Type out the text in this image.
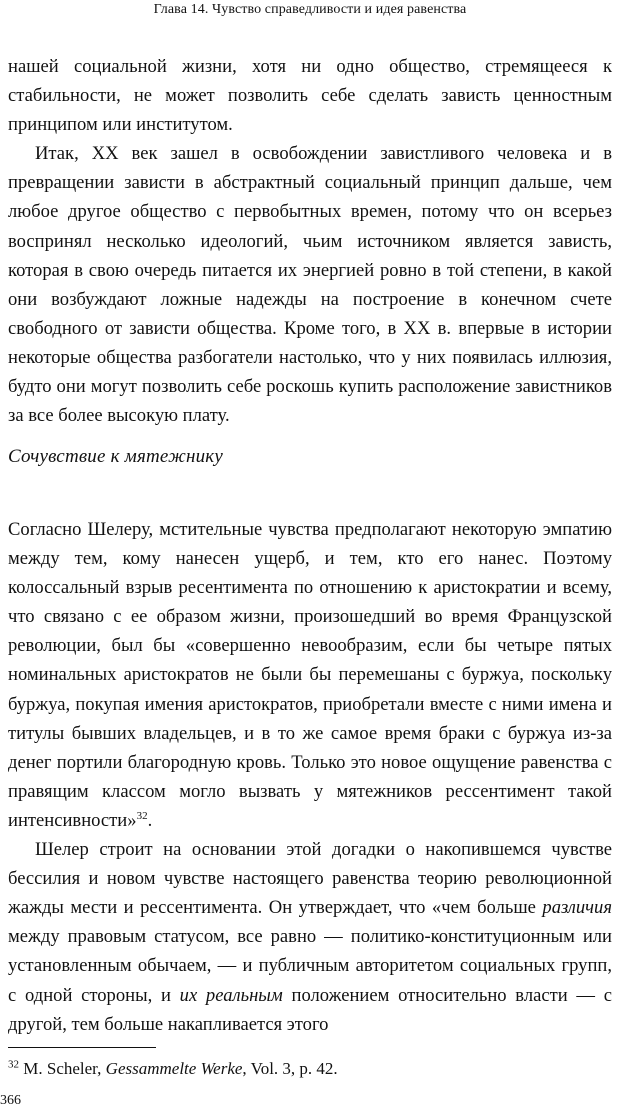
Глава 14. Чувство справедливости и идея равенства

нашей социальной жизни, хотя ни одно общество, стремящееся к стабильности, не может позволить себе сделать зависть ценностным принципом или институтом.

Итак, XX век зашел в освобождении завистливого человека и в превращении зависти в абстрактный социальный принцип дальше, чем любое другое общество с первобытных времен, потому что он всерьез воспринял несколько идеологий, чьим источником является зависть, которая в свою очередь питается их энергией ровно в той степени, в какой они возбуждают ложные надежды на построение в конечном счете свободного от зависти общества. Кроме того, в XX в. впервые в истории некоторые общества разбогатели настолько, что у них появилась иллюзия, будто они могут позволить себе роскошь купить расположение завистников за все более высокую плату.

Сочувствие к мятежнику

Согласно Шелеру, мстительные чувства предполагают некоторую эмпатию между тем, кому нанесен ущерб, и тем, кто его нанес. Поэтому колоссальный взрыв ресентимента по отношению к аристократии и всему, что связано с ее образом жизни, произошедший во время Французской революции, был бы «совершенно невообразим, если бы четыре пятых номинальных аристократов не были бы перемешаны с буржуа, поскольку буржуа, покупая имения аристократов, приобретали вместе с ними имена и титулы бывших владельцев, и в то же самое время браки с буржуа из-за денег портили благородную кровь. Только это новое ощущение равенства с правящим классом могло вызвать у мятежников рессентимент такой интенсивности»$^{32}$.

Шелер строит на основании этой догадки о накопившемся чувстве бессилия и новом чувстве настоящего равенства теорию революционной жажды мести и рессентимента. Он утверждает, что «чем больше различия между правовым статусом, все равно — политико-конституционным или установленным обычаем, — и публичным авторитетом социальных групп, с одной стороны, и их реальным положением относительно власти — с другой, тем больше накапливается этого

$^{32}$ M. Scheler, Gessammelte Werke, Vol. 3, p. 42.
366
